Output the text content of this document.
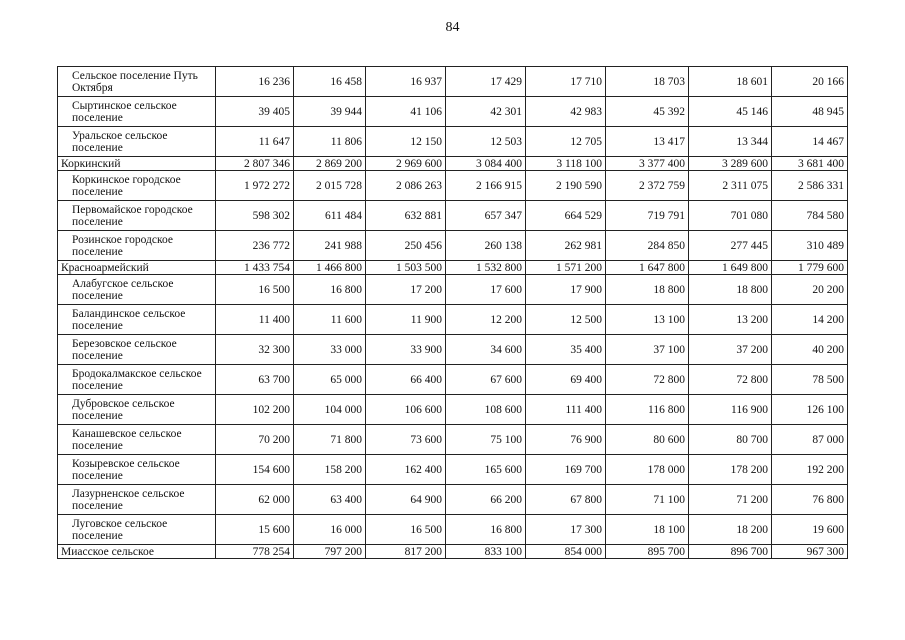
84
Сельское поселение Путь Октября	16 236	16 458	16 937	17 429	17 710	18 703	18 601	20 166
Сыртинское сельское поселение	39 405	39 944	41 106	42 301	42 983	45 392	45 146	48 945
Уральское сельское поселение	11 647	11 806	12 150	12 503	12 705	13 417	13 344	14 467
Коркинский	2 807 346	2 869 200	2 969 600	3 084 400	3 118 100	3 377 400	3 289 600	3 681 400
Коркинское городское поселение	1 972 272	2 015 728	2 086 263	2 166 915	2 190 590	2 372 759	2 311 075	2 586 331
Первомайское городское поселение	598 302	611 484	632 881	657 347	664 529	719 791	701 080	784 580
Розинское городское поселение	236 772	241 988	250 456	260 138	262 981	284 850	277 445	310 489
Красноармейский	1 433 754	1 466 800	1 503 500	1 532 800	1 571 200	1 647 800	1 649 800	1 779 600
Алабугское сельское поселение	16 500	16 800	17 200	17 600	17 900	18 800	18 800	20 200
Баландинское сельское поселение	11 400	11 600	11 900	12 200	12 500	13 100	13 200	14 200
Березовское сельское поселение	32 300	33 000	33 900	34 600	35 400	37 100	37 200	40 200
Бродокалмакское сельское поселение	63 700	65 000	66 400	67 600	69 400	72 800	72 800	78 500
Дубровское сельское поселение	102 200	104 000	106 600	108 600	111 400	116 800	116 900	126 100
Канашевское сельское поселение	70 200	71 800	73 600	75 100	76 900	80 600	80 700	87 000
Козыревское сельское поселение	154 600	158 200	162 400	165 600	169 700	178 000	178 200	192 200
Лазурненское сельское поселение	62 000	63 400	64 900	66 200	67 800	71 100	71 200	76 800
Луговское сельское поселение	15 600	16 000	16 500	16 800	17 300	18 100	18 200	19 600
Миасское сельское	778 254	797 200	817 200	833 100	854 000	895 700	896 700	967 300
